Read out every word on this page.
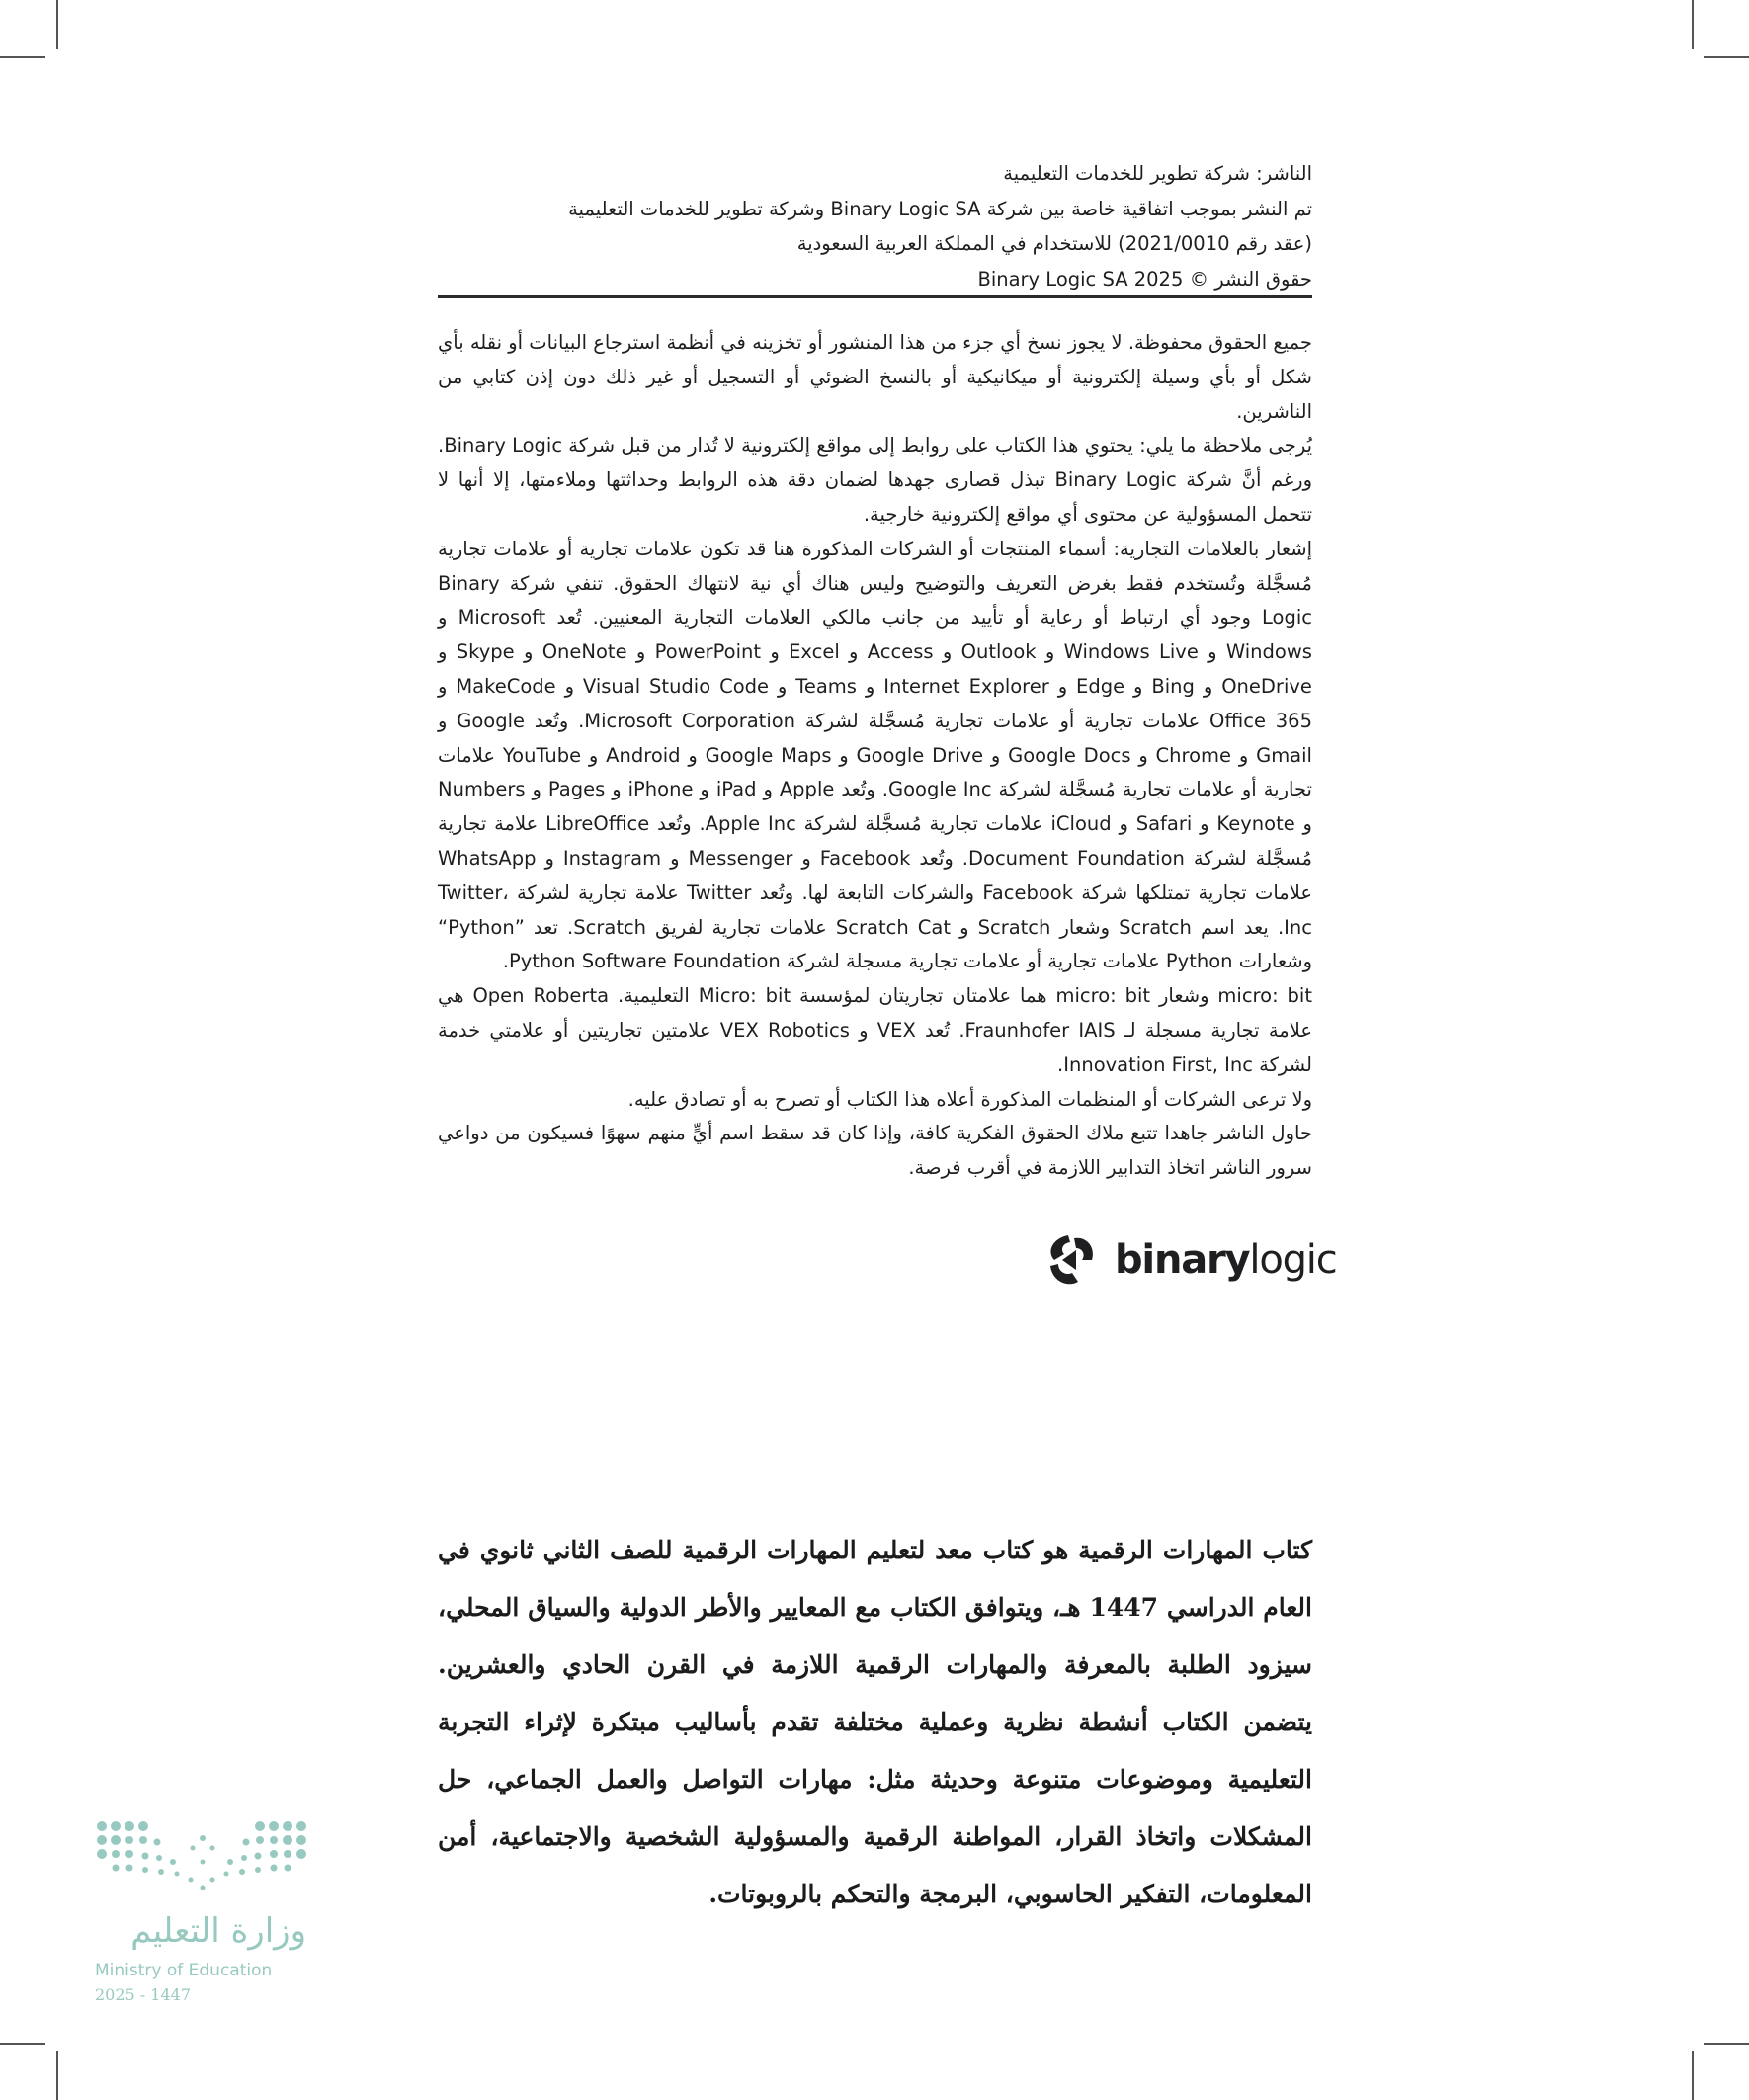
الناشر: شركة تطوير للخدمات التعليمية

تم النشر بموجب اتفاقية خاصة بين شركة Binary Logic SA وشركة تطوير للخدمات التعليمية

(عقد رقم 2021/0010) للاستخدام في المملكة العربية السعودية

حقوق النشر © Binary Logic SA 2025

جميع الحقوق محفوظة. لا يجوز نسخ أي جزء من هذا المنشور أو تخزينه في أنظمة استرجاع البيانات أو نقله بأي شكل أو بأي وسيلة إلكترونية أو ميكانيكية أو بالنسخ الضوئي أو التسجيل أو غير ذلك دون إذن كتابي من الناشرين.

يُرجى ملاحظة ما يلي: يحتوي هذا الكتاب على روابط إلى مواقع إلكترونية لا تُدار من قبل شركة Binary Logic. ورغم أنَّ شركة Binary Logic تبذل قصارى جهدها لضمان دقة هذه الروابط وحداثتها وملاءمتها، إلا أنها لا تتحمل المسؤولية عن محتوى أي مواقع إلكترونية خارجية.

إشعار بالعلامات التجارية: أسماء المنتجات أو الشركات المذكورة هنا قد تكون علامات تجارية أو علامات تجارية مُسجَّلة وتُستخدم فقط بغرض التعريف والتوضيح وليس هناك أي نية لانتهاك الحقوق. تنفي شركة Binary Logic وجود أي ارتباط أو رعاية أو تأييد من جانب مالكي العلامات التجارية المعنيين. تُعد Microsoft و Windows و Windows Live و Outlook و Access و Excel و PowerPoint و OneNote و Skype و OneDrive و Bing و Edge و Internet Explorer و Teams و Visual Studio Code و MakeCode و Office 365 علامات تجارية أو علامات تجارية مُسجَّلة لشركة Microsoft Corporation. وتُعد Google و Gmail و Chrome و Google Docs و Google Drive و Google Maps و Android و YouTube علامات تجارية أو علامات تجارية مُسجَّلة لشركة Google Inc. وتُعد Apple و iPad و iPhone و Pages و Numbers و Keynote و Safari و iCloud علامات تجارية مُسجَّلة لشركة Apple Inc. وتُعد LibreOffice علامة تجارية مُسجَّلة لشركة Document Foundation. وتُعد Facebook و Messenger و Instagram و WhatsApp علامات تجارية تمتلكها شركة Facebook والشركات التابعة لها. وتُعد Twitter علامة تجارية لشركة Twitter، Inc. يعد اسم Scratch وشعار Scratch و Scratch Cat علامات تجارية لفريق Scratch. تعد ”Python“ وشعارات Python علامات تجارية أو علامات تجارية مسجلة لشركة Python Software Foundation.

micro: bit وشعار micro: bit هما علامتان تجاريتان لمؤسسة Micro: bit التعليمية. Open Roberta هي علامة تجارية مسجلة لـ Fraunhofer IAIS. تُعد VEX و VEX Robotics علامتين تجاريتين أو علامتي خدمة لشركة Innovation First, Inc.

ولا ترعى الشركات أو المنظمات المذكورة أعلاه هذا الكتاب أو تصرح به أو تصادق عليه.

حاول الناشر جاهدا تتبع ملاك الحقوق الفكرية كافة، وإذا كان قد سقط اسم أيٍّ منهم سهوًا فسيكون من دواعي سرور الناشر اتخاذ التدابير اللازمة في أقرب فرصة.

binarylogic

كتاب المهارات الرقمية هو كتاب معد لتعليم المهارات الرقمية للصف الثاني ثانوي في العام الدراسي 1447 هـ، ويتوافق الكتاب مع المعايير والأطر الدولية والسياق المحلي، سيزود الطلبة بالمعرفة والمهارات الرقمية اللازمة في القرن الحادي والعشرين. يتضمن الكتاب أنشطة نظرية وعملية مختلفة تقدم بأساليب مبتكرة لإثراء التجربة التعليمية وموضوعات متنوعة وحديثة مثل: مهارات التواصل والعمل الجماعي، حل المشكلات واتخاذ القرار، المواطنة الرقمية والمسؤولية الشخصية والاجتماعية، أمن المعلومات، التفكير الحاسوبي، البرمجة والتحكم بالروبوتات.

وزارة التعليم
Ministry of Education
2025 - 1447
